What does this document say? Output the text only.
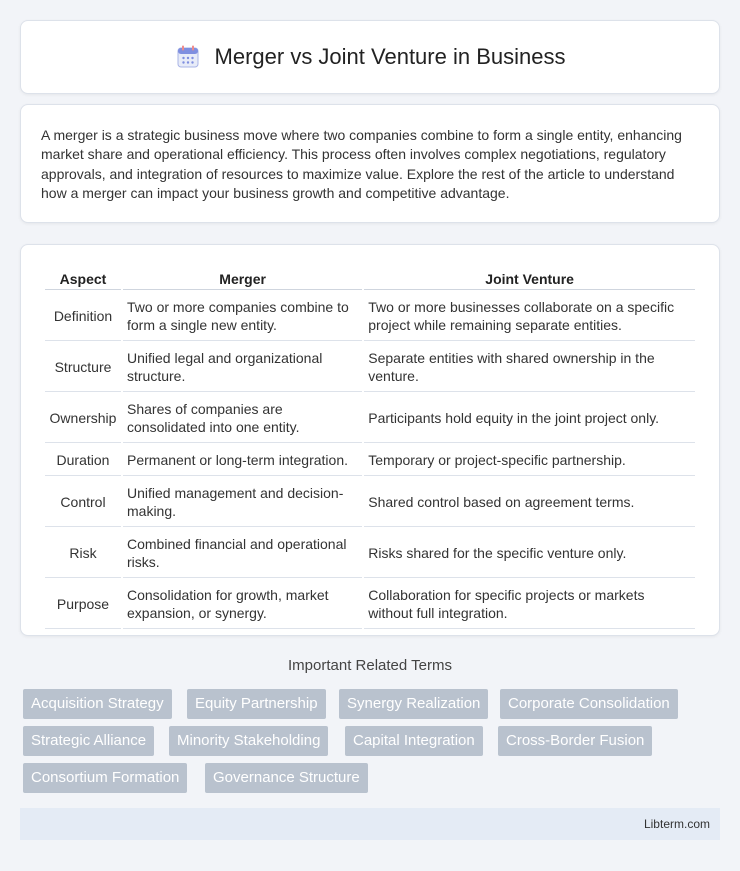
Merger vs Joint Venture in Business

A merger is a strategic business move where two companies combine to form a single entity, enhancing market share and operational efficiency. This process often involves complex negotiations, regulatory approvals, and integration of resources to maximize value. Explore the rest of the article to understand how a merger can impact your business growth and competitive advantage.

Aspect	Merger	Joint Venture
Definition	Two or more companies combine to form a single new entity.	Two or more businesses collaborate on a specific project while remaining separate entities.
Structure	Unified legal and organizational structure.	Separate entities with shared ownership in the venture.
Ownership	Shares of companies are consolidated into one entity.	Participants hold equity in the joint project only.
Duration	Permanent or long-term integration.	Temporary or project-specific partnership.
Control	Unified management and decision-making.	Shared control based on agreement terms.
Risk	Combined financial and operational risks.	Risks shared for the specific venture only.
Purpose	Consolidation for growth, market expansion, or synergy.	Collaboration for specific projects or markets without full integration.
Important Related Terms
Acquisition Strategy	Equity Partnership	Synergy Realization	Corporate Consolidation
Strategic Alliance	Minority Stakeholding	Capital Integration	Cross-Border Fusion
Consortium Formation	Governance Structure
Libterm.com
